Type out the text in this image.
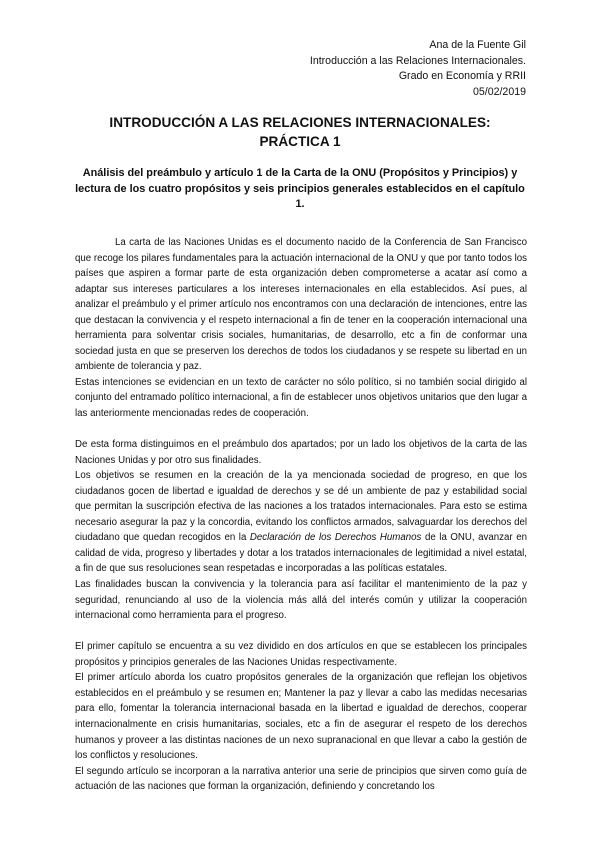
Ana de la Fuente Gil
Introducción a las Relaciones Internacionales.
Grado en Economía y RRII
05/02/2019
INTRODUCCIÓN A LAS RELACIONES INTERNACIONALES:
PRÁCTICA 1
Análisis del preámbulo y artículo 1 de la Carta de la ONU (Propósitos y Principios) y lectura de los cuatro propósitos y seis principios generales establecidos en el capítulo 1.

La carta de las Naciones Unidas es el documento nacido de la Conferencia de San Francisco que recoge los pilares fundamentales para la actuación internacional de la ONU y que por tanto todos los países que aspiren a formar parte de esta organización deben comprometerse a acatar así como a adaptar sus intereses particulares a los intereses internacionales en ella establecidos. Así pues, al analizar el preámbulo y el primer artículo nos encontramos con una declaración de intenciones, entre las que destacan la convivencia y el respeto internacional a fin de tener en la cooperación internacional una herramienta para solventar crisis sociales, humanitarias, de desarrollo, etc a fin de conformar una sociedad justa en que se preserven los derechos de todos los ciudadanos y se respete su libertad en un ambiente de tolerancia y paz.

Estas intenciones se evidencian en un texto de carácter no sólo político, si no también social dirigido al conjunto del entramado político internacional, a fin de establecer unos objetivos unitarios que den lugar a las anteriormente mencionadas redes de cooperación.

De esta forma distinguimos en el preámbulo dos apartados; por un lado los objetivos de la carta de las Naciones Unidas y por otro sus finalidades.

Los objetivos se resumen en la creación de la ya mencionada sociedad de progreso, en que los ciudadanos gocen de libertad e igualdad de derechos y se dé un ambiente de paz y estabilidad social que permitan la suscripción efectiva de las naciones a los tratados internacionales. Para esto se estima necesario asegurar la paz y la concordia, evitando los conflictos armados, salvaguardar los derechos del ciudadano que quedan recogidos en la Declaración de los Derechos Humanos de la ONU, avanzar en calidad de vida, progreso y libertades y dotar a los tratados internacionales de legitimidad a nivel estatal, a fin de que sus resoluciones sean respetadas e incorporadas a las políticas estatales.

Las finalidades buscan la convivencia y la tolerancia para así facilitar el mantenimiento de la paz y seguridad, renunciando al uso de la violencia más allá del interés común y utilizar la cooperación internacional como herramienta para el progreso.

El primer capítulo se encuentra a su vez dividido en dos artículos en que se establecen los principales propósitos y principios generales de las Naciones Unidas respectivamente.

El primer artículo aborda los cuatro propósitos generales de la organización que reflejan los objetivos establecidos en el preámbulo y se resumen en; Mantener la paz y llevar a cabo las medidas necesarias para ello, fomentar la tolerancia internacional basada en la libertad e igualdad de derechos, cooperar internacionalmente en crisis humanitarias, sociales, etc a fin de asegurar el respeto de los derechos humanos y proveer a las distintas naciones de un nexo supranacional en que llevar a cabo la gestión de los conflictos y resoluciones.

El segundo artículo se incorporan a la narrativa anterior una serie de principios que sirven como guía de actuación de las naciones que forman la organización, definiendo y concretando los
